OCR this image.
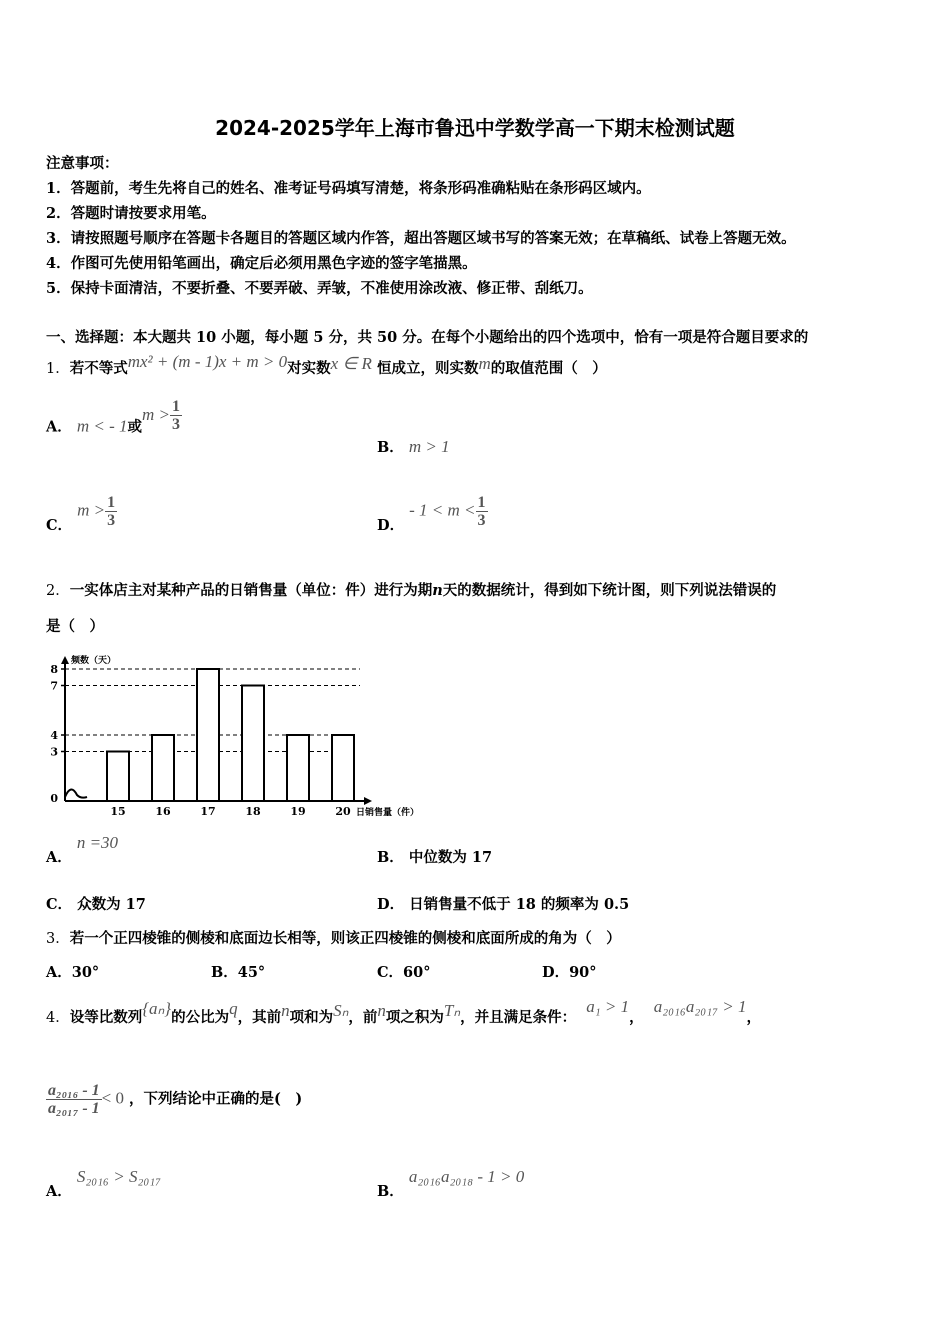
2024-2025学年上海市鲁迅中学数学高一下期末检测试题
注意事项：
1．答题前，考生先将自己的姓名、准考证号码填写清楚，将条形码准确粘贴在条形码区域内。
2．答题时请按要求用笔。
3．请按照题号顺序在答题卡各题目的答题区域内作答，超出答题区域书写的答案无效；在草稿纸、试卷上答题无效。
4．作图可先使用铅笔画出，确定后必须用黑色字迹的签字笔描黑。
5．保持卡面清洁，不要折叠、不要弄破、弄皱，不准使用涂改液、修正带、刮纸刀。
一、选择题：本大题共 10 小题，每小题 5 分，共 50 分。在每个小题给出的四个选项中，恰有一项是符合题目要求的
1．若不等式mx² + (m - 1)x + m > 0对实数x ∈ R 恒成立，则实数m的取值范围（　）
A． m < - 1或$m > \frac{1}{3}$
B． m > 1
C． $m > \frac{1}{3}$	D． - $1 < m < \frac{1}{3}$
2．一实体店主对某种产品的日销售量（单位：件）进行为期n天的数据统计，得到如下统计图，则下列说法错误的
是（　）
0
3
4
7
8
15	16	17	18	19	20
频数（天）
日销售量（件）
A． n =30
B． 中位数为 17
C． 众数为 17	D． 日销售量不低于 18 的频率为 0.5
3．若一个正四棱锥的侧棱和底面边长相等，则该正四棱锥的侧棱和底面所成的角为（　）
A．30°	B．45°	C．60°	D．90°
4．设等比数列{aₙ}的公比为q，其前n项和为Sₙ，前n项之积为Tₙ，并且满足条件：  a₁ > 1，  a₂₀₁₆a₂₀₁₇ > 1，
$\frac{\text{a₂₀₁₆ - 1}}{\text{a₂₀₁₇ - 1}} < 0$ ，下列结论中正确的是(　)
A． S₂₀₁₆ > S₂₀₁₇
B． a₂₀₁₆a₂₀₁₈ - 1 > 0
